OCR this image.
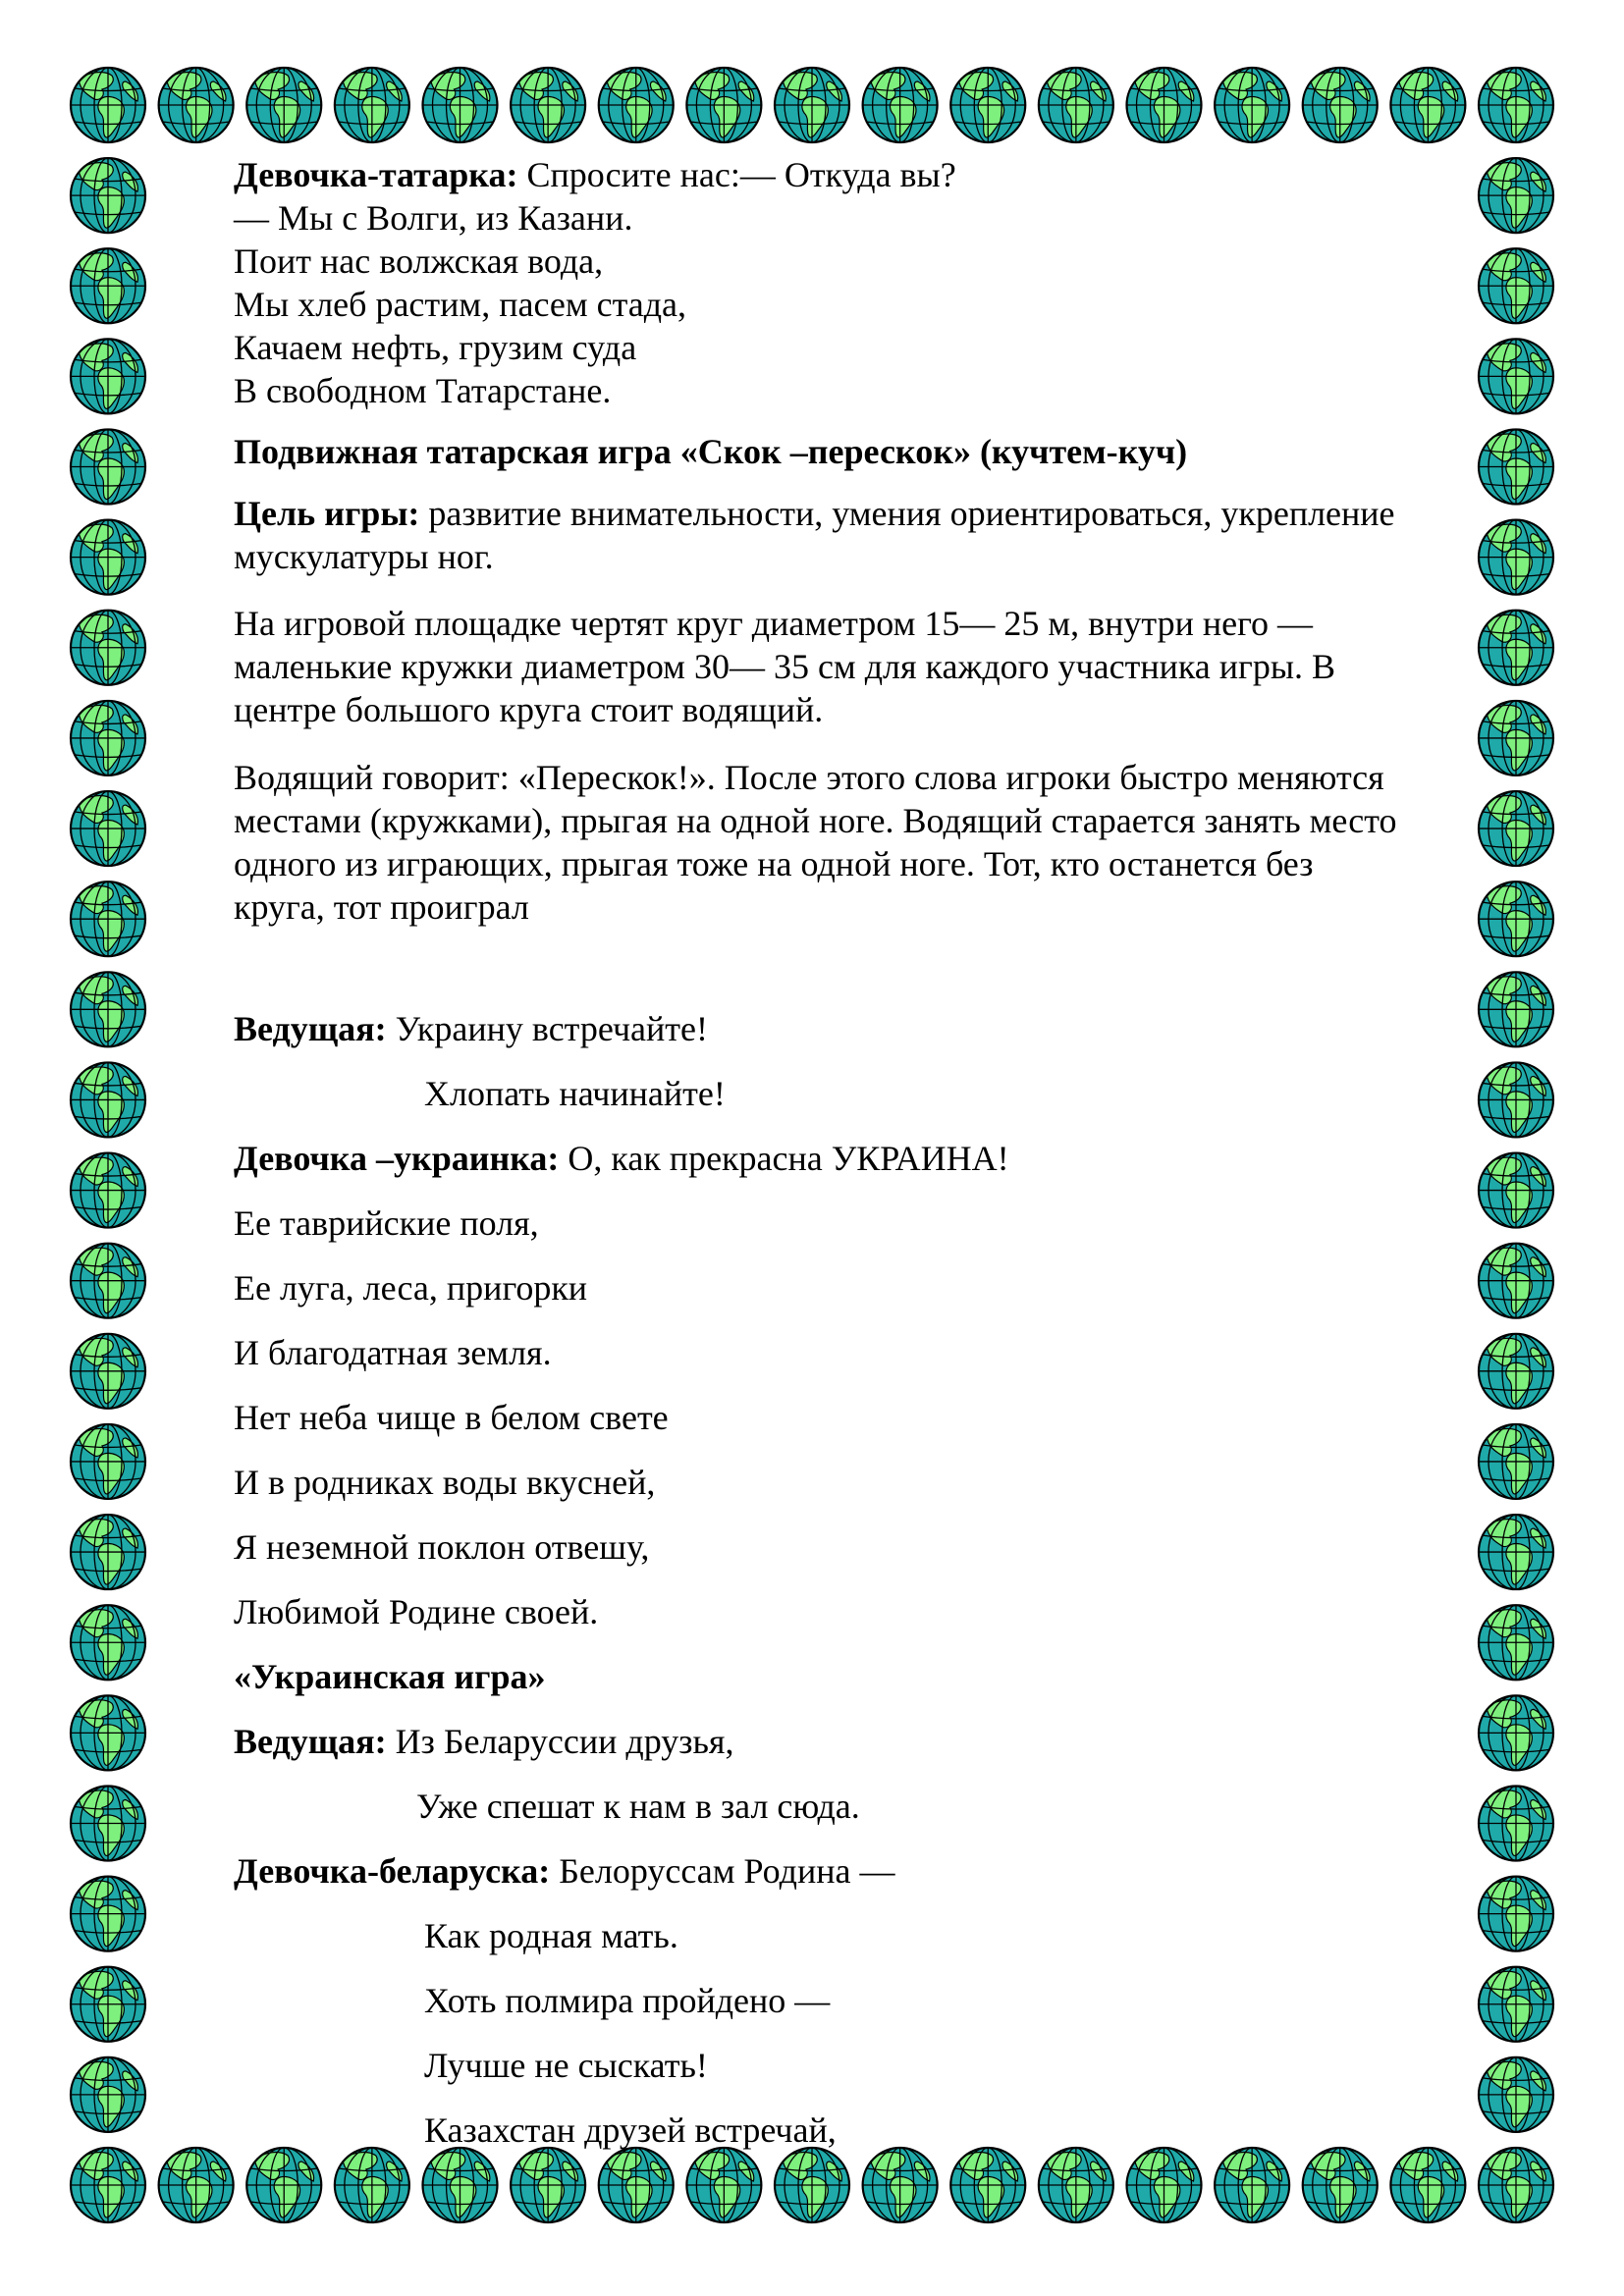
Девочка-татарка: Спросите нас:— Откуда вы?
— Мы с Волги, из Казани.
Поит нас волжская вода,
Мы хлеб растим, пасем стада,
Качаем нефть, грузим суда
В свободном Татарстане.
Подвижная татарская игра «Скок –перескок» (кучтем-куч)
Цель игры: развитие внимательности, умения ориентироваться, укрепление
мускулатуры ног.
На игровой площадке чертят круг диаметром 15— 25 м, внутри него —
маленькие кружки диаметром 30— 35 см для каждого участника игры. В
центре большого круга стоит водящий.
Водящий говорит: «Перескок!». После этого слова игроки быстро меняются
местами (кружками), прыгая на одной ноге. Водящий старается занять место
одного из играющих, прыгая тоже на одной ноге. Тот, кто останется без
круга, тот проиграл
Ведущая: Украину встречайте!
Хлопать начинайте!
Девочка –украинка: О, как прекрасна УКРАИНА!
Ее таврийские поля,
Ее луга, леса, пригорки
И благодатная земля.
Нет неба чище в белом свете
И в родниках воды вкусней,
Я неземной поклон отвешу,
Любимой Родине своей.
«Украинская игра»
Ведущая: Из Беларуссии друзья,
Уже спешат к нам в зал сюда.
Девочка-беларуска: Белоруссам Родина —
Как родная мать.
Хоть полмира пройдено —
Лучше не сыскать!
Казахстан друзей встречай,
